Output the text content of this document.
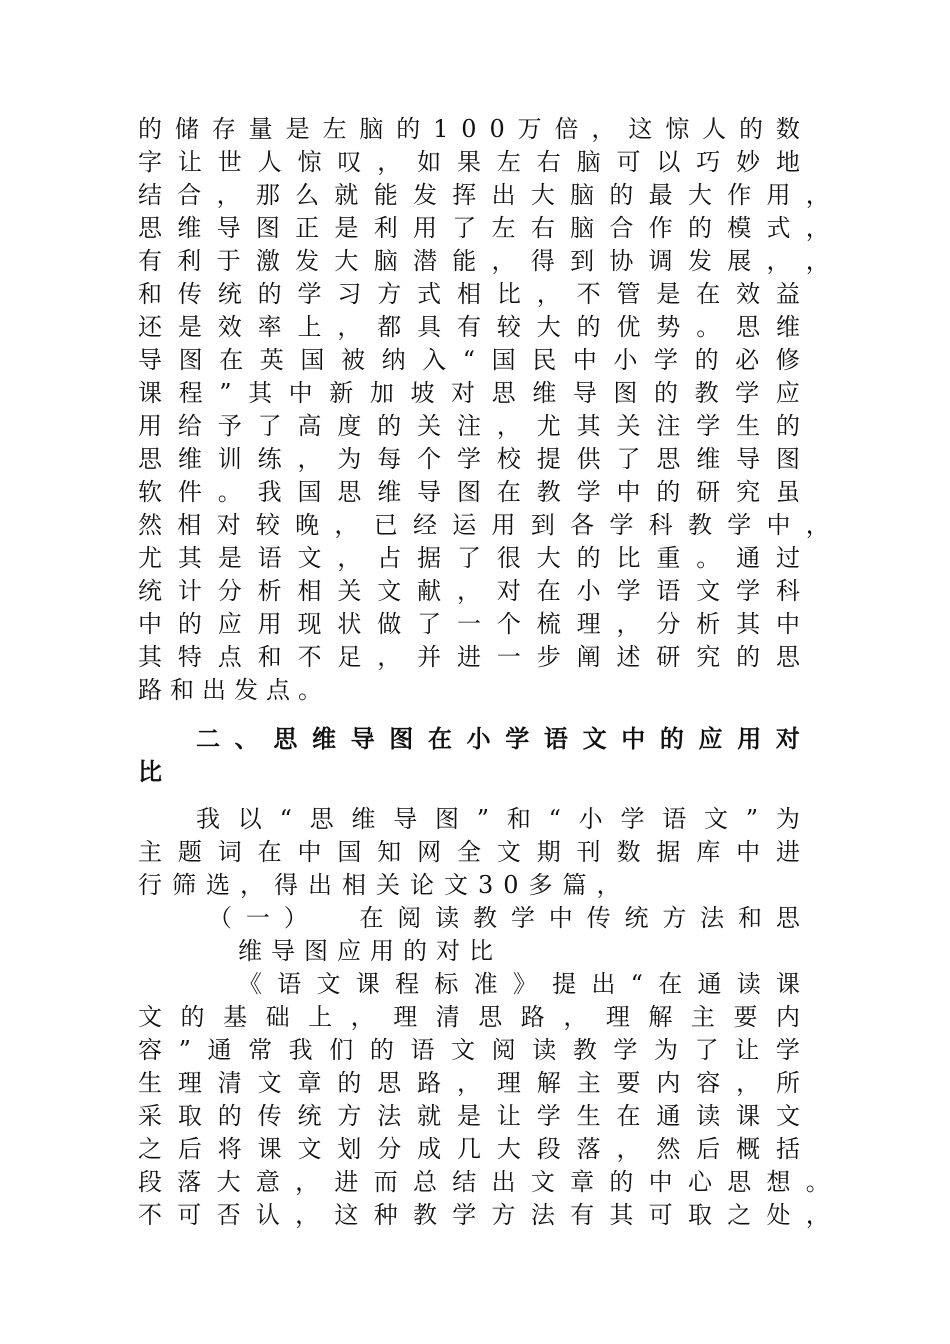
的 储 存 量 是 左 脑 的 1 0 0 万 倍 ， 这 惊 人 的 数
字 让 世 人 惊 叹 ， 如 果 左 右 脑 可 以 巧 妙 地
结 合 ， 那 么 就 能 发 挥 出 大 脑 的 最 大 作 用 ，
思 维 导 图 正 是 利 用 了 左 右 脑 合 作 的 模 式 ，
有 利 于 激 发 大 脑 潜 能 ， 得 到 协 调 发 展 ， ，
和 传 统 的 学 习 方 式 相 比 ， 不 管 是 在 效 益
还 是 效 率 上 ， 都 具 有 较 大 的 优 势 。 思 维
导 图 在 英 国 被 纳 入 “ 国 民 中 小 学 的 必 修
课 程 ” 其 中 新 加 坡 对 思 维 导 图 的 教 学 应
用 给 予 了 高 度 的 关 注 ， 尤 其 关 注 学 生 的
思 维 训 练 ， 为 每 个 学 校 提 供 了 思 维 导 图
软 件 。 我 国 思 维 导 图 在 教 学 中 的 研 究 虽
然 相 对 较 晚 ， 已 经 运 用 到 各 学 科 教 学 中 ，
尤 其 是 语 文 ， 占 据 了 很 大 的 比 重 。 通 过
统 计 分 析 相 关 文 献 ， 对 在 小 学 语 文 学 科
中 的 应 用 现 状 做 了 一 个 梳 理 ， 分 析 其 中
其 特 点 和 不 足 ， 并 进 一 步 阐 述 研 究 的 思
路和出发点。
二 、 思 维 导 图 在 小 学 语 文 中 的 应 用 对
比
我 以 “ 思 维 导 图 ” 和 “ 小 学 语 文 ” 为
主 题 词 在 中 国 知 网 全 文 期 刊 数 据 库 中 进
行筛选，得出相关论文30多篇，
（ 一 ）
　 在 阅 读 教 学 中 传 统 方 法 和 思
维导图应用的对比
《 语 文 课 程 标 准 》 提 出 “ 在 通 读 课
文 的 基 础 上 ， 理 清 思 路 ， 理 解 主 要 内
容 ” 通 常 我 们 的 语 文 阅 读 教 学 为 了 让 学
生 理 清 文 章 的 思 路 ， 理 解 主 要 内 容 ， 所
采 取 的 传 统 方 法 就 是 让 学 生 在 通 读 课 文
之 后 将 课 文 划 分 成 几 大 段 落 ， 然 后 概 括
段 落 大 意 ， 进 而 总 结 出 文 章 的 中 心 思 想 。
不 可 否 认 ， 这 种 教 学 方 法 有 其 可 取 之 处 ，
